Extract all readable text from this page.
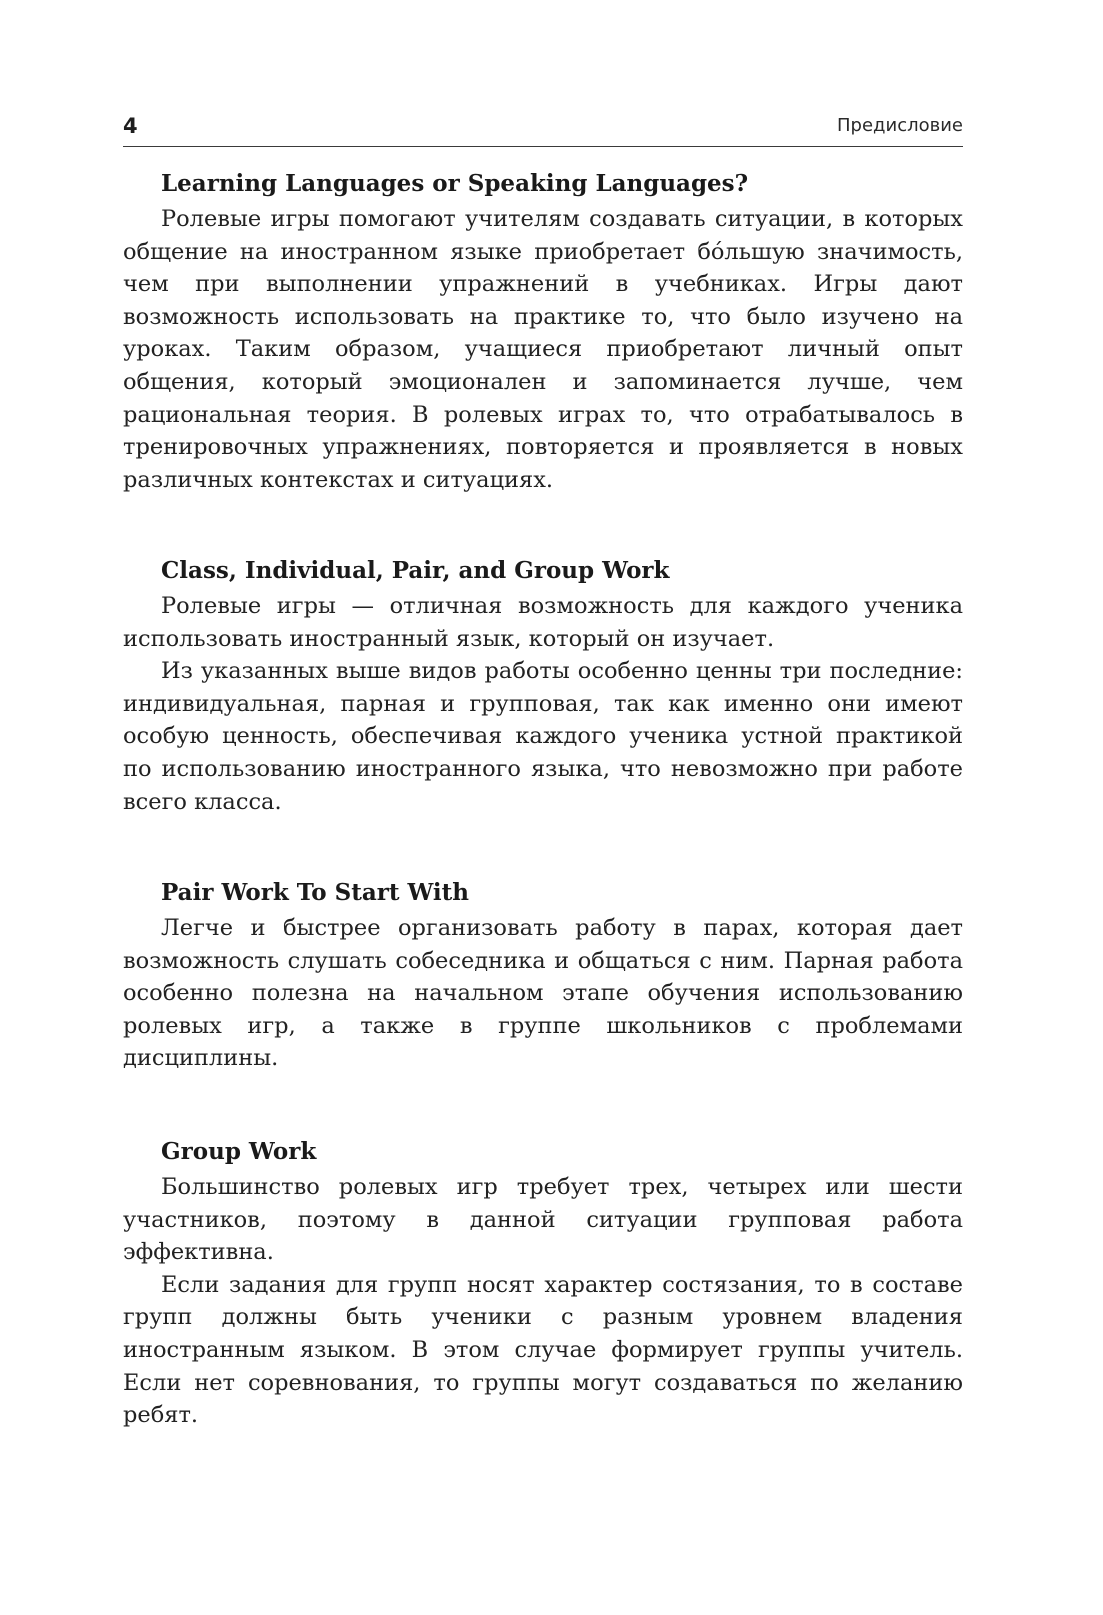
4	Предисловие
Learning Languages or Speaking Languages?

Ролевые игры помогают учителям создавать ситуации, в которых общение на иностранном языке приобретает бóльшую значимость, чем при выполнении упражнений в учебниках. Игры дают возможность использовать на практике то, что было изучено на уроках. Таким образом, учащиеся приобретают личный опыт общения, который эмоционален и запоминается лучше, чем рациональная теория. В ролевых играх то, что отрабатывалось в тренировочных упражнениях, повторяется и проявляется в новых различных контекстах и ситуациях.

Class, Individual, Pair, and Group Work

Ролевые игры — отличная возможность для каждого ученика использовать иностранный язык, который он изучает.

Из указанных выше видов работы особенно ценны три последние: индивидуальная, парная и групповая, так как именно они имеют особую ценность, обеспечивая каждого ученика устной практикой по использованию иностранного языка, что невозможно при работе всего класса.

Pair Work To Start With

Легче и быстрее организовать работу в парах, которая дает возможность слушать собеседника и общаться с ним. Парная работа особенно полезна на начальном этапе обучения использованию ролевых игр, а также в группе школьников с проблемами дисциплины.

Group Work

Большинство ролевых игр требует трех, четырех или шести участников, поэтому в данной ситуации групповая работа эффективна.

Если задания для групп носят характер состязания, то в составе групп должны быть ученики с разным уровнем владения иностранным языком. В этом случае формирует группы учитель. Если нет соревнования, то группы могут создаваться по желанию ребят.
